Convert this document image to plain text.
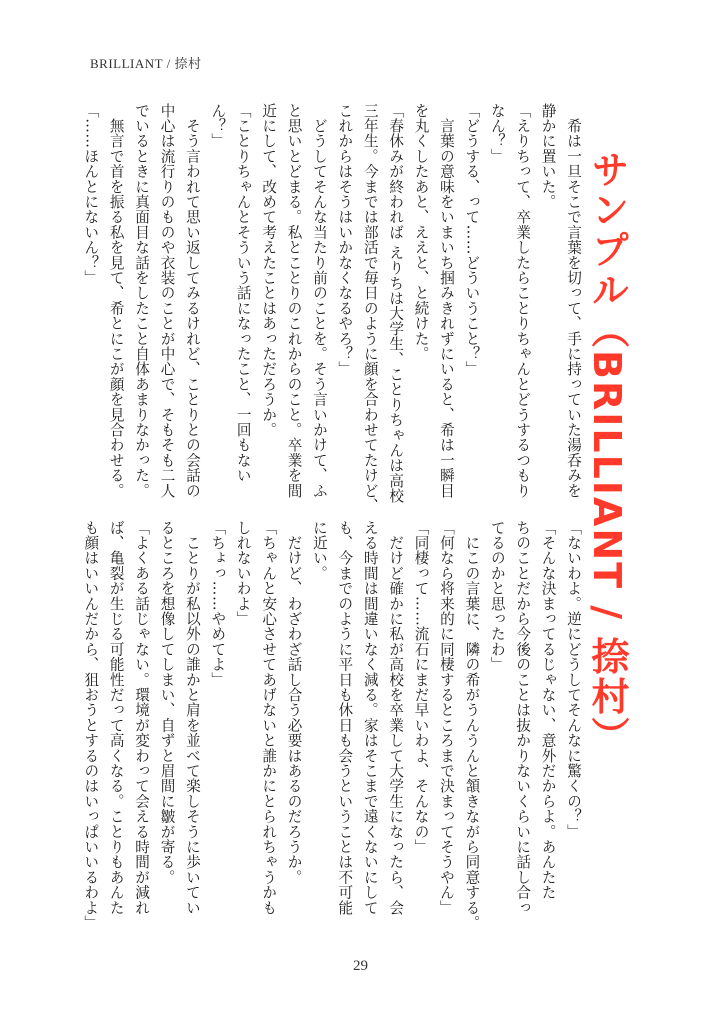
BRILLIANT / 捺村
サンプル（BRILLIANT / 捺村）

　希は一旦そこで言葉を切って、手に持っていた湯呑みを

静かに置いた。

「えりちって、卒業したらことりちゃんとどうするつもり

なん？」

「どうする、って……どういうこと？」

　言葉の意味をいまいち掴みきれずにいると、希は一瞬目

を丸くしたあと、ええと、と続けた。

「春休みが終われば えりちは大学生、ことりちゃんは高校

三年生。今までは部活で毎日のように顔を合わせてたけど、

これからはそうはいかなくなるやろ？」

　どうしてそんな当たり前のことを。そう言いかけて、ふ

と思いとどまる。私とことりのこれからのこと。卒業を間

近にして、改めて考えたことはあっただろうか。

「ことりちゃんとそういう話になったこと、一回もない

ん？」

　そう言われて思い返してみるけれど、ことりとの会話の

中心は流行りのものや衣装のことが中心で、そもそも二人

でいるときに真面目な話をしたこと自体あまりなかった。

　無言で首を振る私を見て、希とにこが顔を見合わせる。

「……ほんとにないん？」

「ないわよ。逆にどうしてそんなに驚くの？」

「そんな決まってるじゃない、意外だからよ。あんたた

ちのことだから今後のことは抜かりないくらいに話し合っ

てるのかと思ったわ」

　にこの言葉に、隣の希がうんうんと頷きながら同意する。

「何なら将来的に同棲するところまで決まってそうやん」

「同棲って……流石にまだ早いわよ、そんなの」

　だけど確かに私が高校を卒業して大学生になったら、会

える時間は間違いなく減る。家はそこまで遠くないにして

も、今までのように平日も休日も会うということは不可能

に近い。

　だけど、わざわざ話し合う必要はあるのだろうか。

「ちゃんと安心させてあげないと誰かにとられちゃうかも

しれないわよ」

「ちょっ……やめてよ」

　ことりが私以外の誰かと肩を並べて楽しそうに歩いてい

るところを想像してしまい、自ずと眉間に皺が寄る。

「よくある話じゃない。環境が変わって会える時間が減れ

ば、亀裂が生じる可能性だって高くなる。ことりもあんた

も顔はいいんだから、狙おうとするのはいっぱいいるわよ」

29
